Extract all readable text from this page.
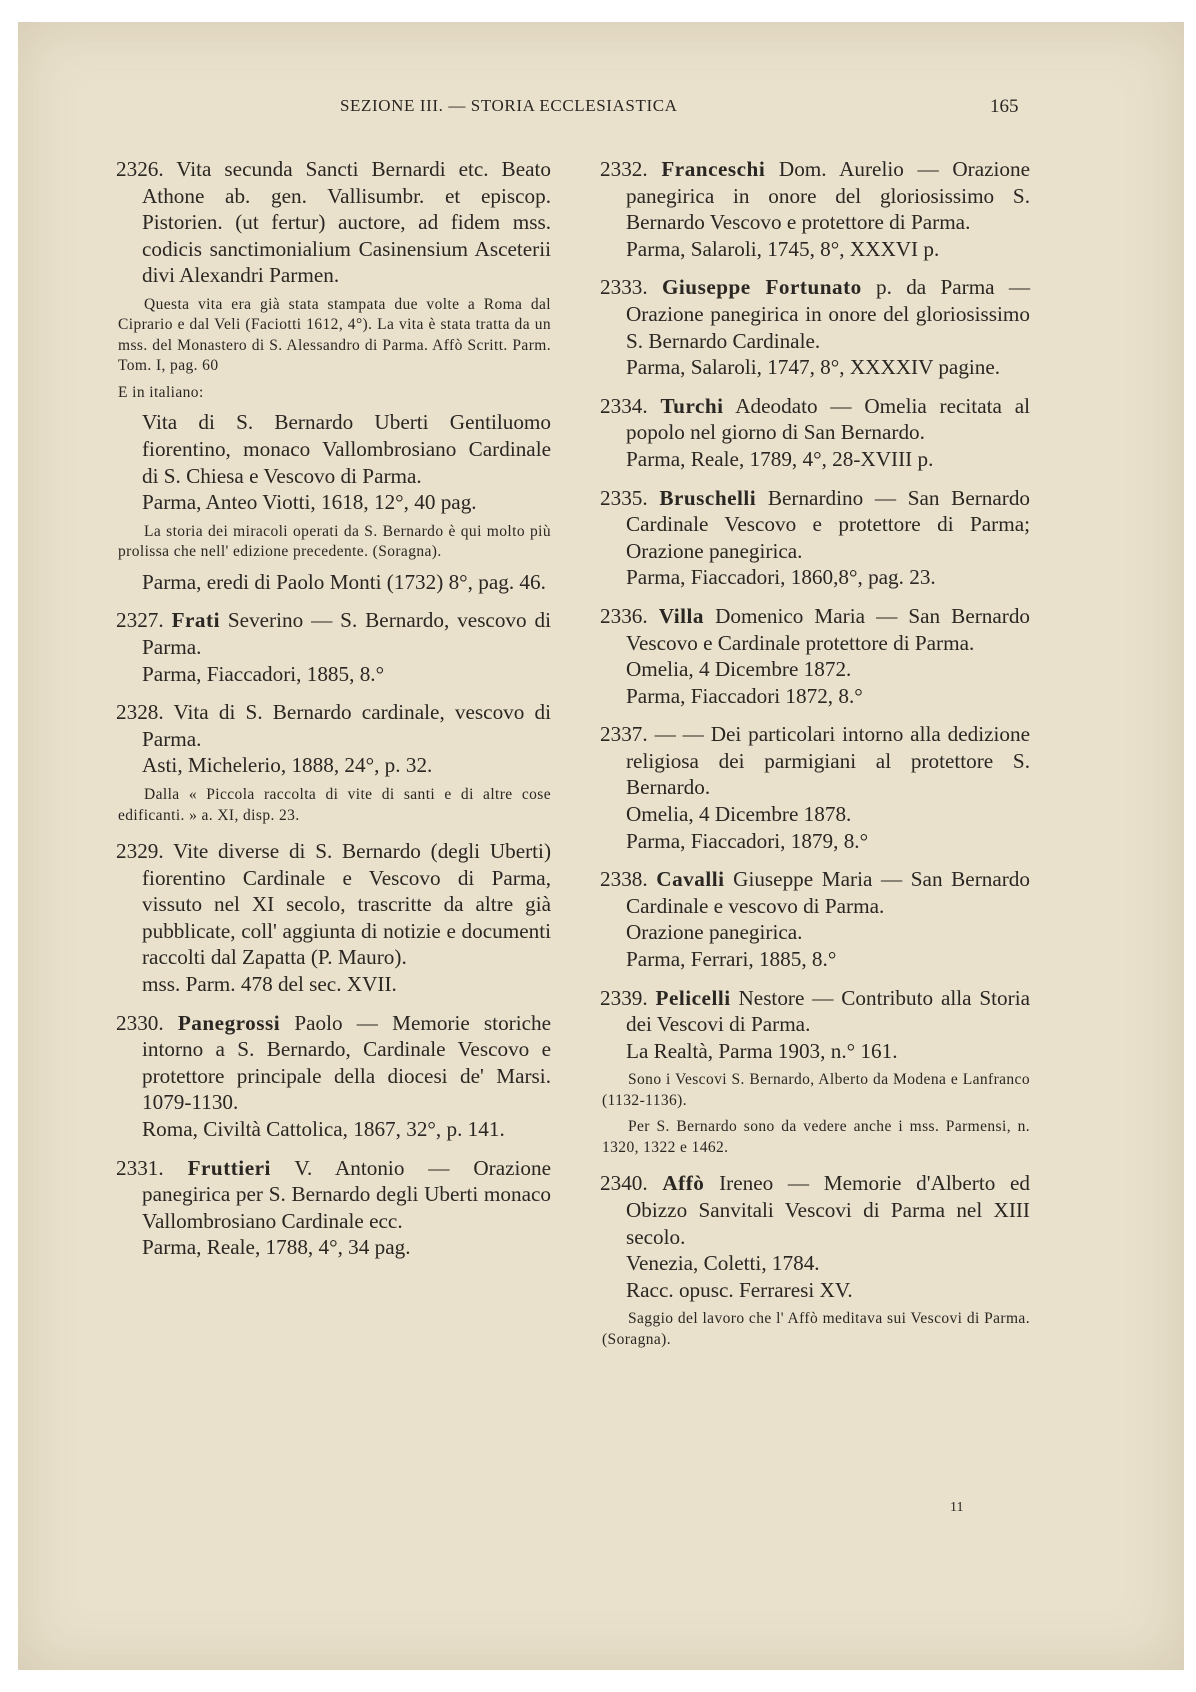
SEZIONE III. — STORIA ECCLESIASTICA	165
2326. Vita secunda Sancti Bernardi etc. Beato Athone ab. gen. Vallisumbr. et episcop. Pistorien. (ut fertur) auctore, ad fidem mss. codicis sanctimonialium Casinensium Asceterii divi Alexandri Parmen.
Questa vita era già stata stampata due volte a Roma dal Ciprario e dal Veli (Faciotti 1612, 4°). La vita è stata tratta da un mss. del Monastero di S. Alessandro di Parma. Affò Scritt. Parm. Tom. I, pag. 60
E in italiano:
Vita di S. Bernardo Uberti Gentiluomo fiorentino, monaco Vallombrosiano Cardinale di S. Chiesa e Vescovo di Parma.
Parma, Anteo Viotti, 1618, 12°, 40 pag.
La storia dei miracoli operati da S. Bernardo è qui molto più prolissa che nell' edizione precedente. (Soragna).
Parma, eredi di Paolo Monti (1732) 8°, pag. 46.
2327. Frati Severino — S. Bernardo, vescovo di Parma.
Parma, Fiaccadori, 1885, 8.°
2328. Vita di S. Bernardo cardinale, vescovo di Parma.
Asti, Michelerio, 1888, 24°, p. 32.
Dalla « Piccola raccolta di vite di santi e di altre cose edificanti. » a. XI, disp. 23.
2329. Vite diverse di S. Bernardo (degli Uberti) fiorentino Cardinale e Vescovo di Parma, vissuto nel XI secolo, trascritte da altre già pubblicate, coll' aggiunta di notizie e documenti raccolti dal Zapatta (P. Mauro).
mss. Parm. 478 del sec. XVII.
2330. Panegrossi Paolo — Memorie storiche intorno a S. Bernardo, Cardinale Vescovo e protettore principale della diocesi de' Marsi. 1079-1130.
Roma, Civiltà Cattolica, 1867, 32°, p. 141.
2331. Fruttieri V. Antonio — Orazione panegirica per S. Bernardo degli Uberti monaco Vallombrosiano Cardinale ecc.
Parma, Reale, 1788, 4°, 34 pag.
2332. Franceschi Dom. Aurelio — Orazione panegirica in onore del gloriosissimo S. Bernardo Vescovo e protettore di Parma.
Parma, Salaroli, 1745, 8°, XXXVI p.
2333. Giuseppe Fortunato p. da Parma — Orazione panegirica in onore del gloriosissimo S. Bernardo Cardinale.
Parma, Salaroli, 1747, 8°, XXXXIV pagine.
2334. Turchi Adeodato — Omelia recitata al popolo nel giorno di San Bernardo.
Parma, Reale, 1789, 4°, 28-XVIII p.
2335. Bruschelli Bernardino — San Bernardo Cardinale Vescovo e protettore di Parma; Orazione panegirica.
Parma, Fiaccadori, 1860,8°, pag. 23.
2336. Villa Domenico Maria — San Bernardo Vescovo e Cardinale protettore di Parma.
Omelia, 4 Dicembre 1872.
Parma, Fiaccadori 1872, 8.°
2337. — — Dei particolari intorno alla dedizione religiosa dei parmigiani al protettore S. Bernardo.
Omelia, 4 Dicembre 1878.
Parma, Fiaccadori, 1879, 8.°
2338. Cavalli Giuseppe Maria — San Bernardo Cardinale e vescovo di Parma.
Orazione panegirica.
Parma, Ferrari, 1885, 8.°
2339. Pelicelli Nestore — Contributo alla Storia dei Vescovi di Parma.
La Realtà, Parma 1903, n.° 161.
Sono i Vescovi S. Bernardo, Alberto da Modena e Lanfranco (1132-1136).
Per S. Bernardo sono da vedere anche i mss. Parmensi, n. 1320, 1322 e 1462.
2340. Affò Ireneo — Memorie d'Alberto ed Obizzo Sanvitali Vescovi di Parma nel XIII secolo.
Venezia, Coletti, 1784.
Racc. opusc. Ferraresi XV.
Saggio del lavoro che l' Affò meditava sui Vescovi di Parma. (Soragna).
11
